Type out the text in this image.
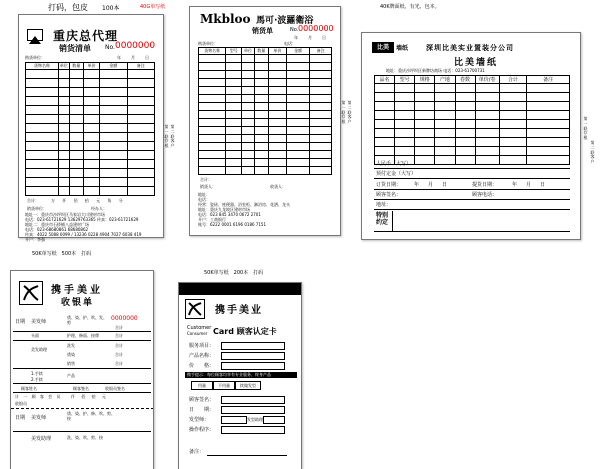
打码，包皮 100本	40G单写纸	40K牌面纸、有光、包本。
50K单写纸　500本　打码
50K单写纸　200本　打码
重庆总代理
销货清单 No. 0000000
购货单位：	年	月	日
货物名称	单位	数量	单价	金额	备注

合计：	万 仟 佰 拾 元 角 分
销货单位：	经办人：
地址一：重庆市沙坪坝区马家岩大川建材市场
电话：023-61721629 13629763365 传真：023-61721629
地址二：重庆市石桥铺八益建材广场
电话：023-68680861 68680862
传真：4022 5088 0099 / 13236 0228 4904 7027 6038 419
开户：李强
第一联
存根
第二联
客户
Mkbloo 馬可·波羅衛浴
销货单	No. 0000000
年	月	日
购货单位：	电话：
货物名称	型号	单位	数量	单价	金额	备注

合计：
销货人：	收货人：
地址：
电话：
经营：瓷砖、座便器、浴室柜、淋浴房、花洒、龙头
地址：重庆九龙坡区建材市场
电话：023 845 3470 0672 2701
开户：工商银行
账号：6222 0001 6196 0186 7151
第一联
存根
第二联
客户
比美	墙纸	深圳比美实业置装分公司
比美墙纸
地址：重庆沙坪坝区新牌坊商场 电话：023-61700731
品名	型号	规格	产地	卷数	单价/卷	合计	备注

人民币（大写）
预付定金（大写）
订货日期：	年 月 日	提货日期：	年 月 日
顾客签名：	顾客电话：
地址：
特别约定
第一联
存根
第二联
客户
携手美业
收银单
日期	0000000
美发师
烫、染、护、吹、发、剪
合计
头面	护理、修面、按摩	合计
美发助理
洗发	合计
烫染	合计
销售	合计
1.手续
2.手续
产品
顾客姓名	顾客签名	收银员签名
计 一 顾 客 会 员	仟 佰 拾 元
收银员
日期 美发师
烫、染、护、修、吹、剪、按
美发助理	洗、染、吹、剪、按
携手美业
Customer
Consumer Card 顾客认定卡
服务项目：
产品名称：
价　　格：
用量	不用量	续做发型
携手提示：每位顾客均享有专业服务、终身产品
顾客签名：
日　　期：
发型师：	发型助理
操作程序：
备注：
